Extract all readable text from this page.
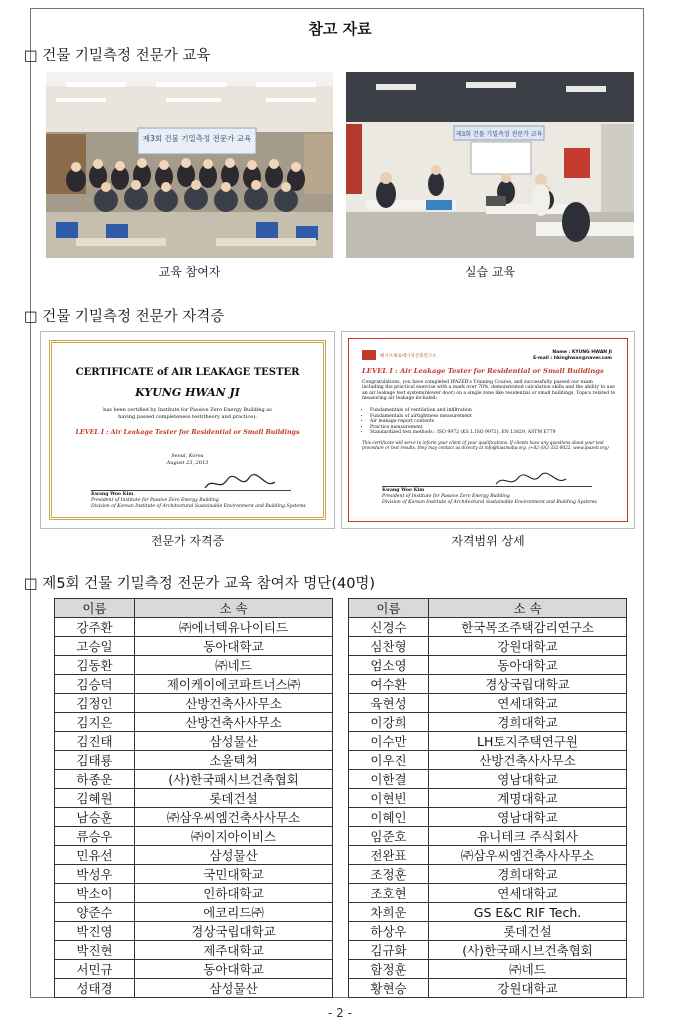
참고 자료
□ 건물 기밀측정 전문가 교육
제3회 건물 기밀측정 전문가 교육
교육 참여자
제3회 건물 기밀측정 전문가 교육
실습 교육
□ 건물 기밀측정 전문가 자격증
CERTIFICATE of AIR LEAKAGE TESTER
KYUNG HWAN JI
has been certified by Institute for Passive Zero Energy Building as
having passed completeness test(theory and practice):
LEVEL I : Air Leakage Tester for Residential or Small Buildings
Seoul, Korea
August 23, 2013
Kwang Woo Kim
President of Institute for Passive Zero Energy Building
Division of Korean Institute of Architectural Sustainable Environment and Building Systems
전문가 자격증
패시브제로에너지건축연구소
Name : KYUNG HWAN JI
E-mail : hkinghwan@naver.com
LEVEL I : Air Leakage Tester for Residential or Small Buildings
Congratulations, you have completed IPAZEB's Training Course, and successfully passed our exam including the practical exercise with a mark over 70%, demonstrated calculation skills and the ability to use an air leakage test system(blower door) on a single zone like residential or small buildings. Topics related to measuring air leakage included:
• Fundamentals of ventilation and infiltration
• Fundamentals of airtightness measurement
• Air leakage report contents
• Practice measurement
• Standardized test methods : ISO 9972 (KS L ISO 9972), EN 13829, ASTM E779
This certificate will serve to inform your client of your qualifications. If clients have any questions about your test procedure or test results, they may contact us directly at info@kiasmabp.org. (+82-(0)2-332-0022, www.ipazeb.org)
Kwang Woo Kim
President of Institute for Passive Zero Energy Building
Division of Korean Institute of Architectural Sustainable Environment and Building Systems
자격범위 상세
□ 제5회 건물 기밀측정 전문가 교육 참여자 명단(40명)
이름	소 속
강주환	㈜에너텍유나이티드
고승일	동아대학교
김동환	㈜네드
김승덕	제이케이에코파트너스㈜
김정인	산방건축사사무소
김지은	산방건축사사무소
김진태	삼성물산
김태룡	소울텍쳐
하종운	(사)한국패시브건축협회
김혜원	롯데건설
남승훈	㈜삼우씨엠건축사사무소
류승우	㈜이지아이비스
민유선	삼성물산
박성우	국민대학교
박소이	인하대학교
양준수	에코리드㈜
박진영	경상국립대학교
박진현	제주대학교
서민규	동아대학교
성태경	삼성물산
이름	소 속
신경수	한국목조주택감리연구소
심찬형	강원대학교
엄소영	동아대학교
여수환	경상국립대학교
육현성	연세대학교
이강희	경희대학교
이수만	LH토지주택연구원
이우진	산방건축사사무소
이한결	영남대학교
이현빈	계명대학교
이혜인	영남대학교
임준호	유니테크 주식회사
전완표	㈜삼우씨엠건축사사무소
조정훈	경희대학교
조호현	연세대학교
차희운	GS E&C RIF Tech.
하상우	롯데건설
김규화	(사)한국패시브건축협회
함정훈	㈜네드
황현승	강원대학교
- 2 -
